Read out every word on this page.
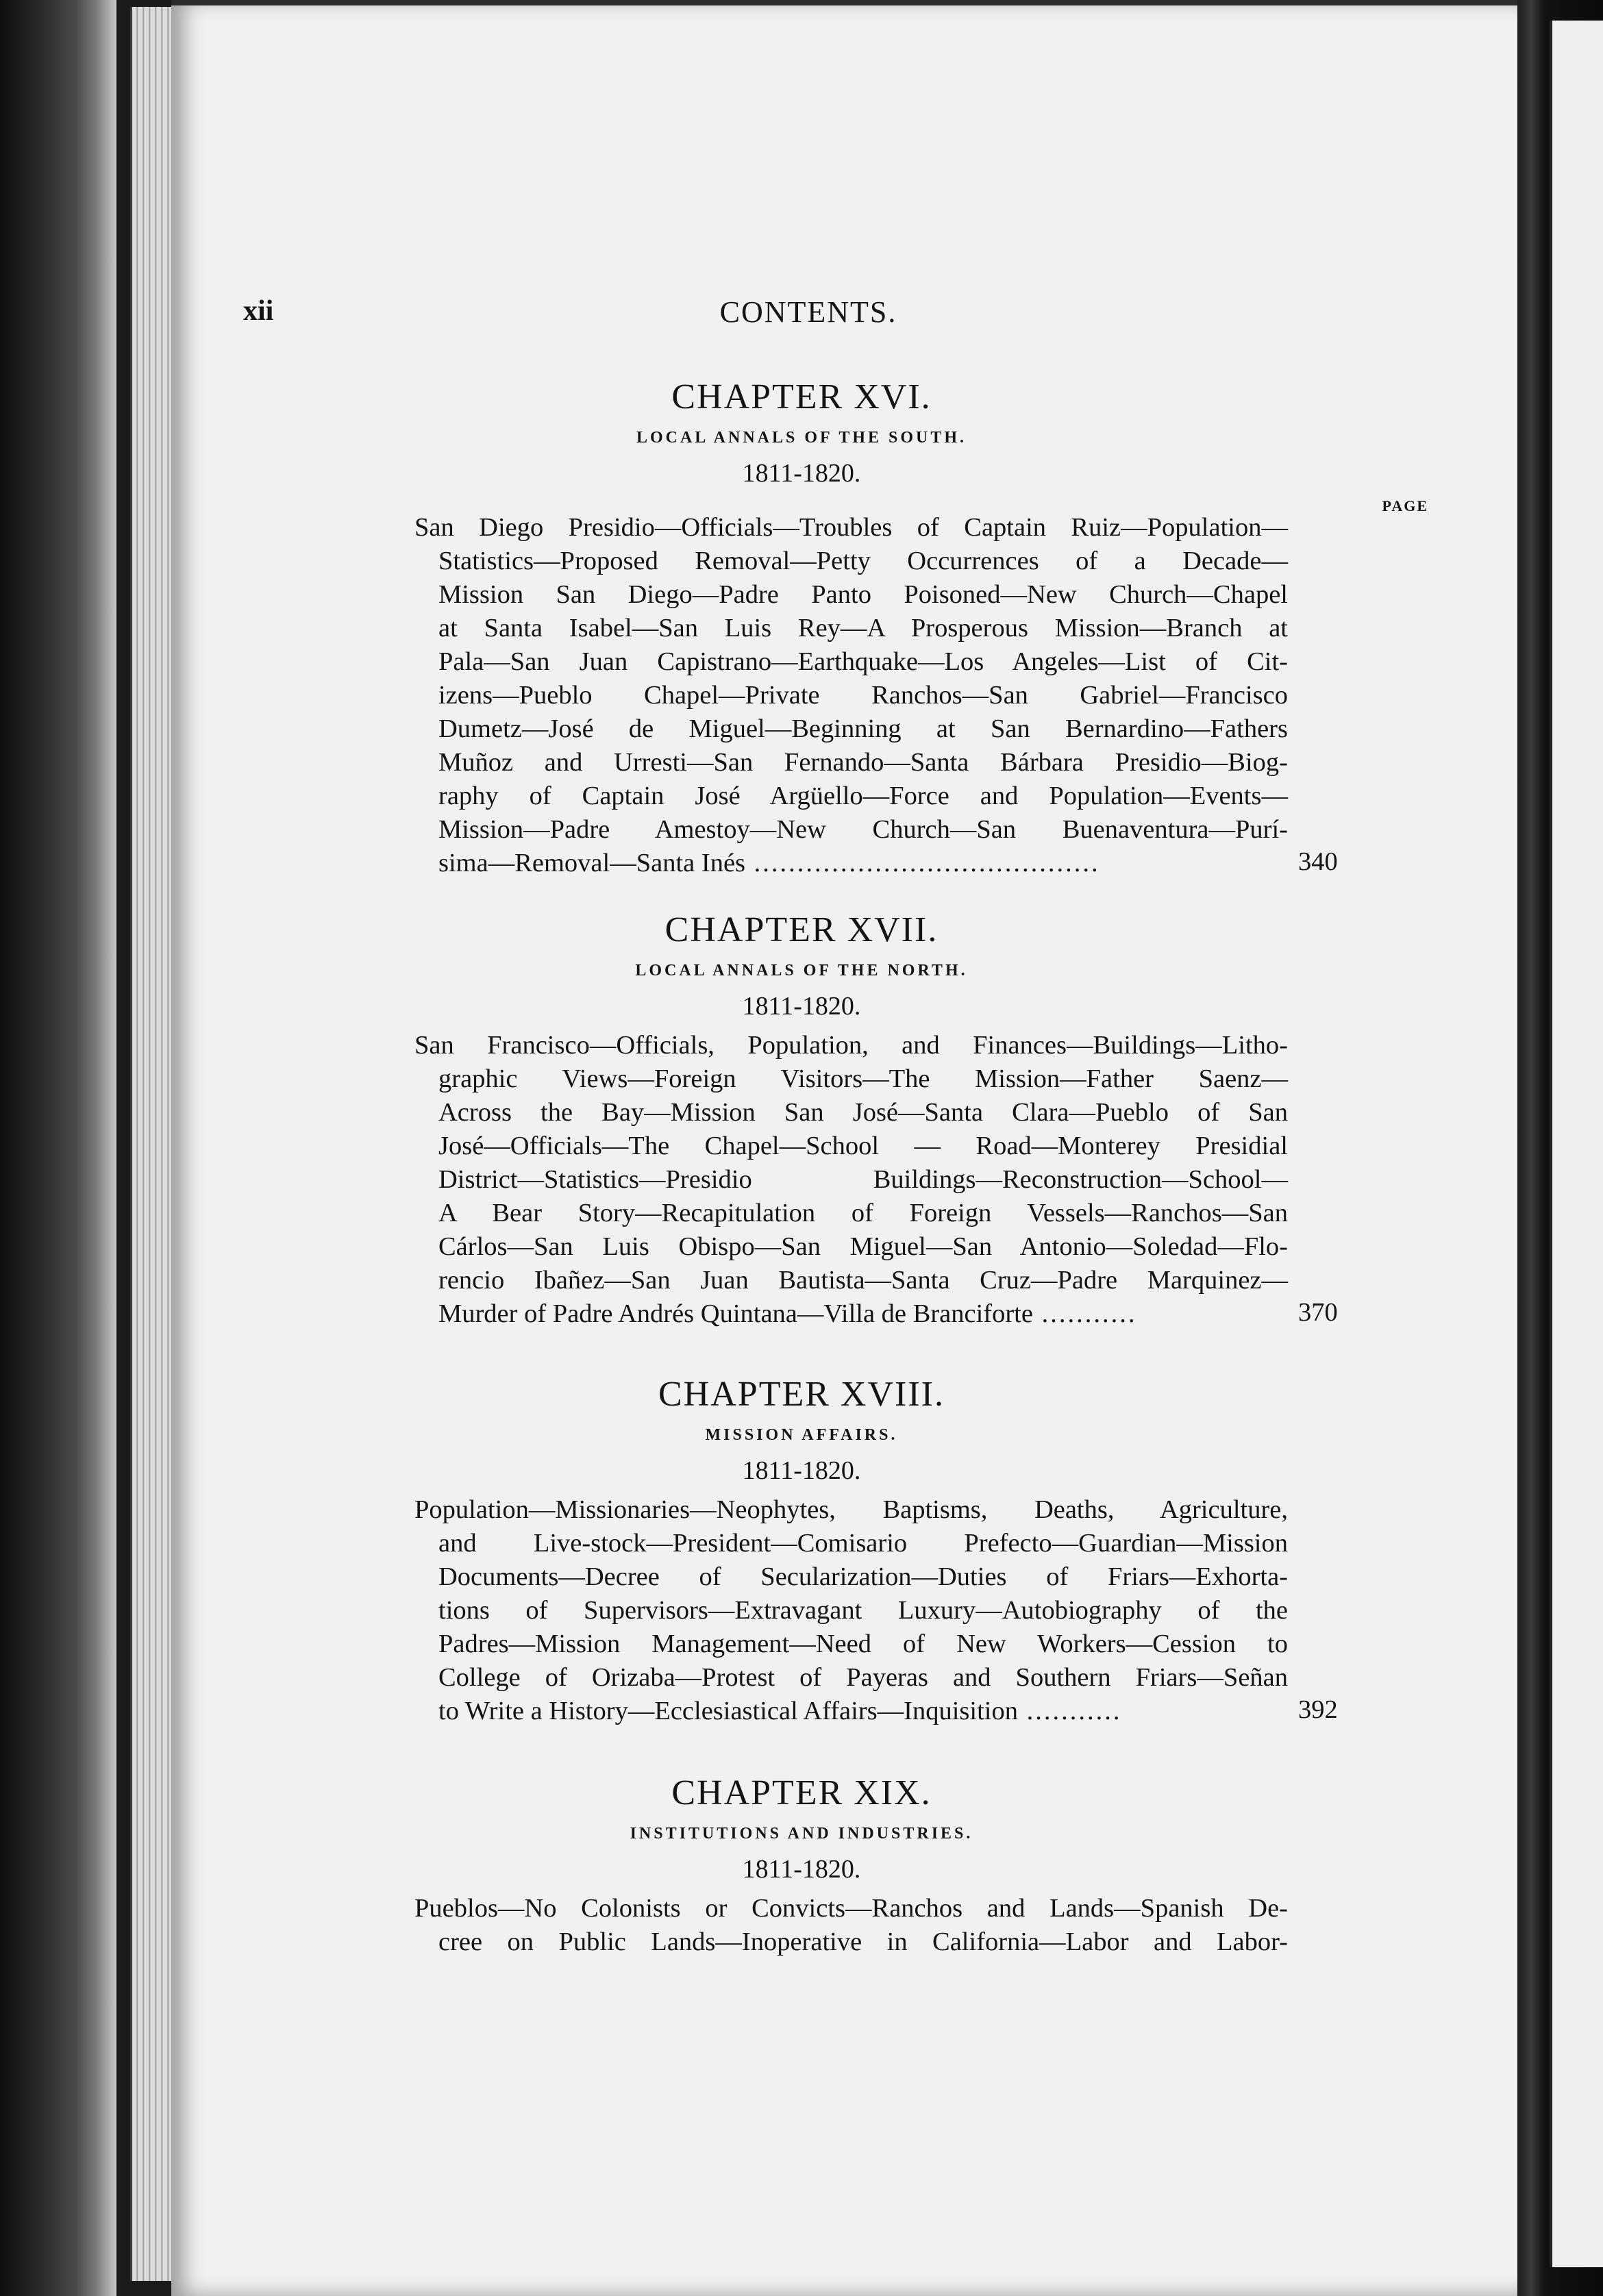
xii	CONTENTS.
CHAPTER XVI.
LOCAL ANNALS OF THE SOUTH.
1811-1820.
PAGE
San Diego Presidio—Officials—Troubles of Captain Ruiz—Population—
Statistics—Proposed Removal—Petty Occurrences of a Decade—
Mission San Diego—Padre Panto Poisoned—New Church—Chapel
at Santa Isabel—San Luis Rey—A Prosperous Mission—Branch at
Pala—San Juan Capistrano—Earthquake—Los Angeles—List of Cit-
izens—Pueblo Chapel—Private Ranchos—San Gabriel—Francisco
Dumetz—José de Miguel—Beginning at San Bernardino—Fathers
Muñoz and Urresti—San Fernando—Santa Bárbara Presidio—Biog-
raphy of Captain José Argüello—Force and Population—Events—
Mission—Padre Amestoy—New Church—San Buenaventura—Purí-
sima—Removal—Santa Inés ........................................	340
CHAPTER XVII.
LOCAL ANNALS OF THE NORTH.
1811-1820.
San Francisco—Officials, Population, and Finances—Buildings—Litho-
graphic Views—Foreign Visitors—The Mission—Father Saenz—
Across the Bay—Mission San José—Santa Clara—Pueblo of San
José—Officials—The Chapel—School — Road—Monterey Presidial
District—Statistics—Presidio Buildings—Reconstruction—School—
A Bear Story—Recapitulation of Foreign Vessels—Ranchos—San
Cárlos—San Luis Obispo—San Miguel—San Antonio—Soledad—Flo-
rencio Ibañez—San Juan Bautista—Santa Cruz—Padre Marquinez—
Murder of Padre Andrés Quintana—Villa de Branciforte ...........	370
CHAPTER XVIII.
MISSION AFFAIRS.
1811-1820.
Population—Missionaries—Neophytes, Baptisms, Deaths, Agriculture,
and Live-stock—President—Comisario Prefecto—Guardian—Mission
Documents—Decree of Secularization—Duties of Friars—Exhorta-
tions of Supervisors—Extravagant Luxury—Autobiography of the
Padres—Mission Management—Need of New Workers—Cession to
College of Orizaba—Protest of Payeras and Southern Friars—Señan
to Write a History—Ecclesiastical Affairs—Inquisition ...........	392
CHAPTER XIX.
INSTITUTIONS AND INDUSTRIES.
1811-1820.
Pueblos—No Colonists or Convicts—Ranchos and Lands—Spanish De-
cree on Public Lands—Inoperative in California—Labor and Labor-
